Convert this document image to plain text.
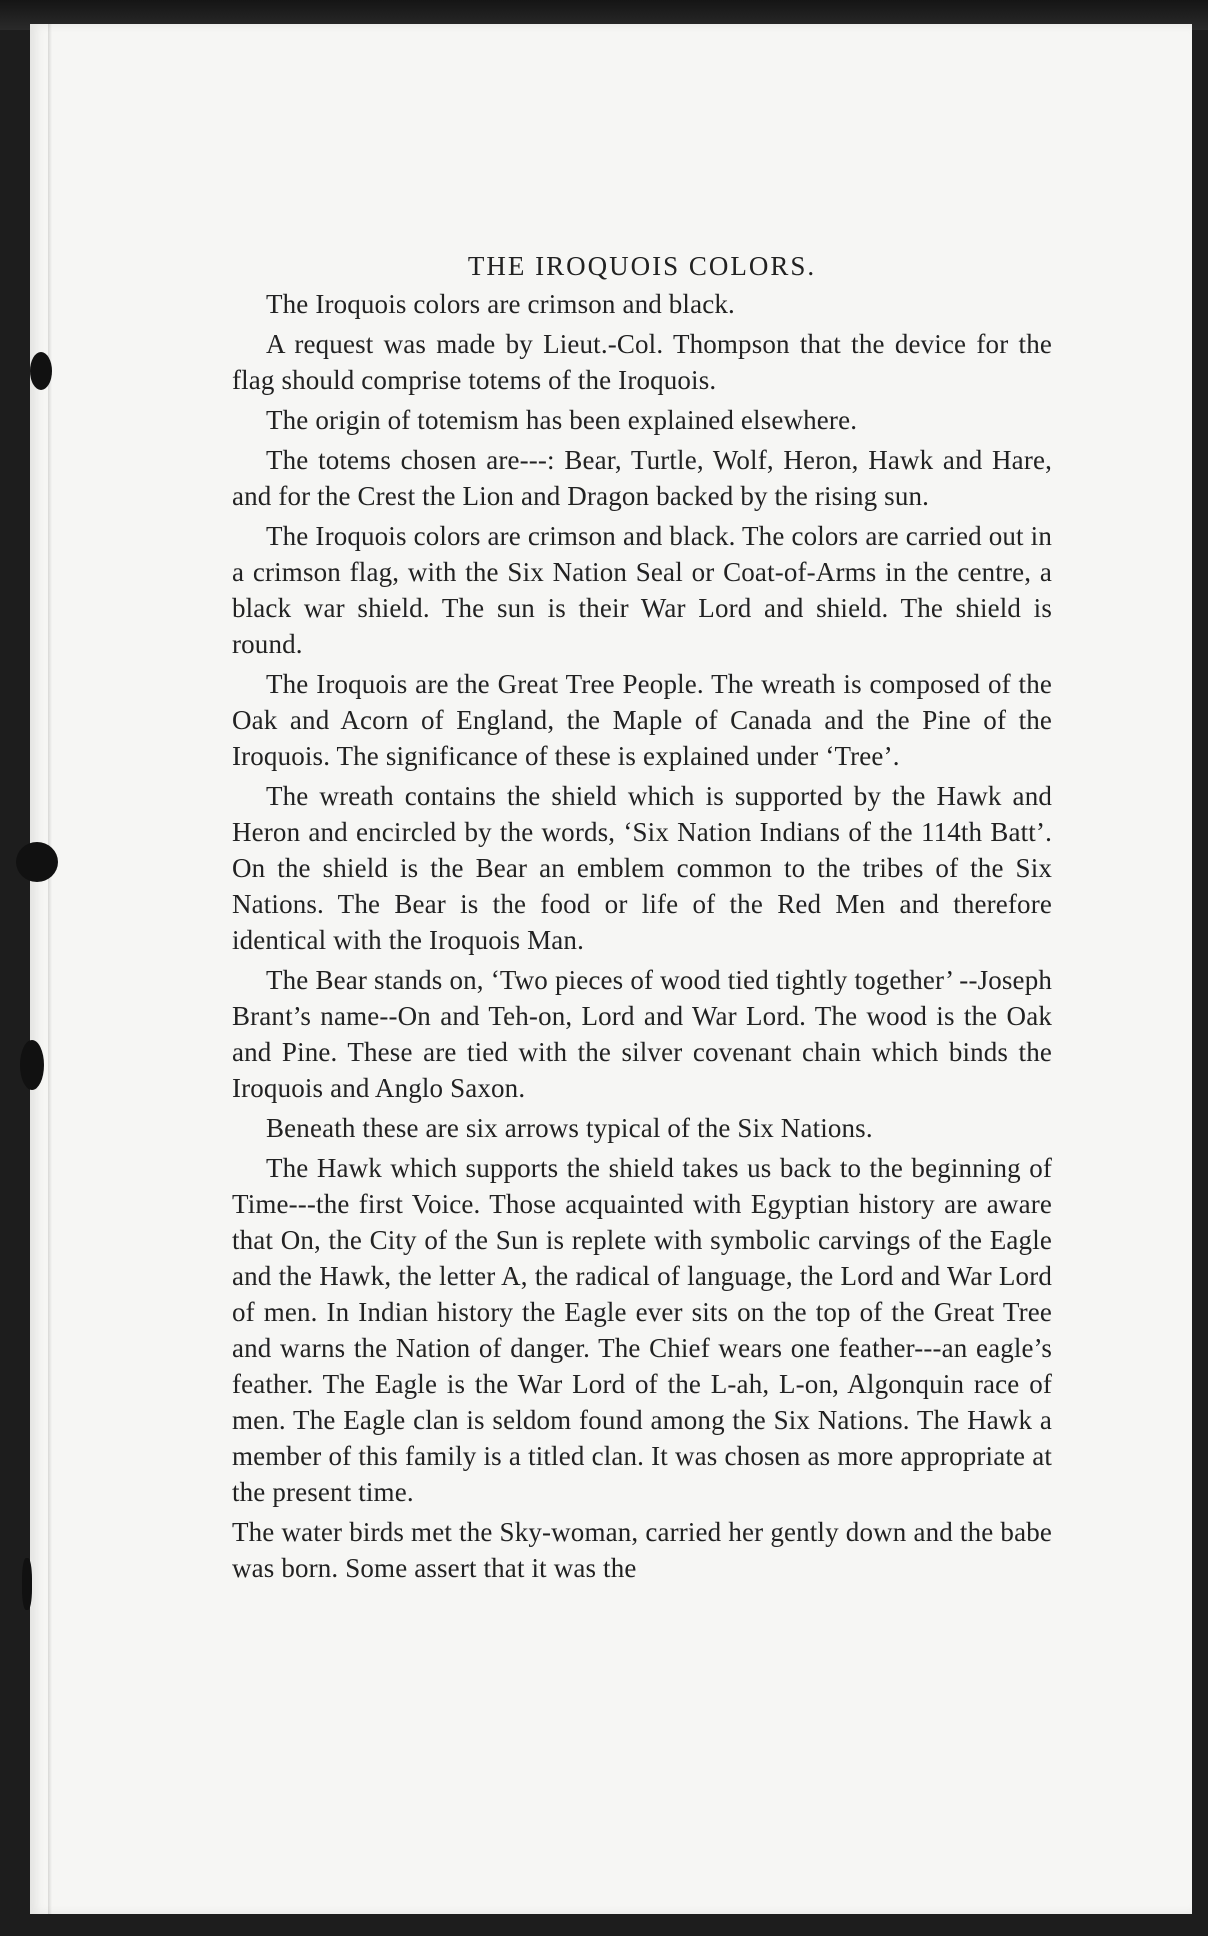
THE IROQUOIS COLORS.

The Iroquois colors are crimson and black.

A request was made by Lieut.-Col. Thompson that the device for the flag should comprise totems of the Iroquois.

The origin of totemism has been explained elsewhere.

The totems chosen are---: Bear, Turtle, Wolf, Heron, Hawk and Hare, and for the Crest the Lion and Dragon backed by the rising sun.

The Iroquois colors are crimson and black. The colors are carried out in a crimson flag, with the Six Nation Seal or Coat-of-Arms in the centre, a black war shield. The sun is their War Lord and shield. The shield is round.

The Iroquois are the Great Tree People. The wreath is composed of the Oak and Acorn of England, the Maple of Canada and the Pine of the Iroquois. The significance of these is explained under ‘Tree’.

The wreath contains the shield which is supported by the Hawk and Heron and encircled by the words, ‘Six Nation Indians of the 114th Batt’. On the shield is the Bear an emblem common to the tribes of the Six Nations. The Bear is the food or life of the Red Men and therefore identical with the Iroquois Man.

The Bear stands on, ‘Two pieces of wood tied tightly together’ --Joseph Brant’s name--On and Teh-on, Lord and War Lord. The wood is the Oak and Pine. These are tied with the silver covenant chain which binds the Iroquois and Anglo Saxon.

Beneath these are six arrows typical of the Six Nations.

The Hawk which supports the shield takes us back to the beginning of Time---the first Voice. Those acquainted with Egyptian history are aware that On, the City of the Sun is replete with symbolic carvings of the Eagle and the Hawk, the letter A, the radical of language, the Lord and War Lord of men. In Indian history the Eagle ever sits on the top of the Great Tree and warns the Nation of danger. The Chief wears one feather---an eagle’s feather. The Eagle is the War Lord of the L-ah, L-on, Algonquin race of men. The Eagle clan is seldom found among the Six Nations. The Hawk a member of this family is a titled clan. It was chosen as more appropriate at the present time.

The water birds met the Sky-woman, carried her gently down and the babe was born. Some assert that it was the
